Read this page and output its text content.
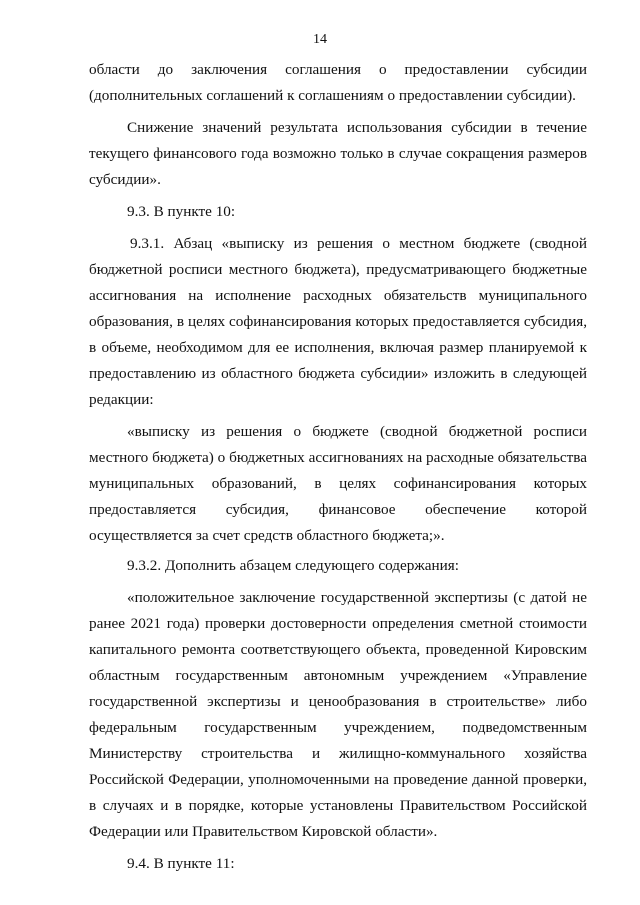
14

области до заключения соглашения о предоставлении субсидии (дополнительных соглашений к соглашениям о предоставлении субсидии).

Снижение значений результата использования субсидии в течение текущего финансового года возможно только в случае сокращения размеров субсидии».

9.3. В пункте 10:

9.3.1. Абзац «выписку из решения о местном бюджете (сводной бюджетной росписи местного бюджета), предусматривающего бюджетные ассигнования на исполнение расходных обязательств муниципального образования, в целях софинансирования которых предоставляется субсидия, в объеме, необходимом для ее исполнения, включая размер планируемой к предоставлению из областного бюджета субсидии» изложить в следующей редакции:

«выписку из решения о бюджете (сводной бюджетной росписи местного бюджета) о бюджетных ассигнованиях на расходные обязательства муниципальных образований, в целях софинансирования которых предоставляется субсидия, финансовое обеспечение которой осуществляется за счет средств областного бюджета;».

9.3.2. Дополнить абзацем следующего содержания:

«положительное заключение государственной экспертизы (с датой не ранее 2021 года) проверки достоверности определения сметной стоимости капитального ремонта соответствующего объекта, проведенной Кировским областным государственным автономным учреждением «Управление государственной экспертизы и ценообразования в строительстве» либо федеральным государственным учреждением, подведомственным Министерству строительства и жилищно-коммунального хозяйства Российской Федерации, уполномоченными на проведение данной проверки, в случаях и в порядке, которые установлены Правительством Российской Федерации или Правительством Кировской области».

9.4. В пункте 11:
